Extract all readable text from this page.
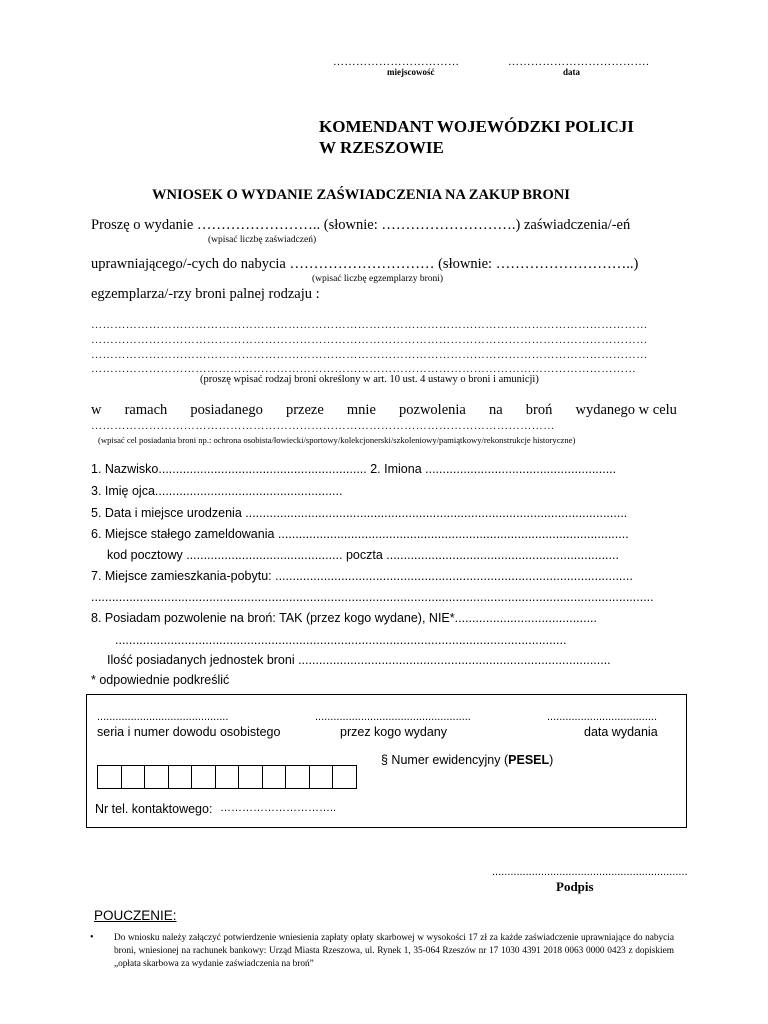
……………………………
miejscowość
……………………………….
data
KOMENDANT WOJEWÓDZKI POLICJI
W RZESZOWIE
WNIOSEK O WYDANIE ZAŚWIADCZENIA NA ZAKUP BRONI
Proszę o wydanie …………………….. (słownie: ……………………….) zaświadczenia/-eń
(wpisać liczbę zaświadczeń)
uprawniającego/-cych do nabycia ………………………… (słownie: ………………………..)
(wpisać liczbę egzemplarzy broni)
egzemplarza/-rzy broni palnej rodzaju :
………………………………………………………………………………………………………………………………
………………………………………………………………………………………………………………………………
………………………………………………………………………………………………………………………………
……………………………………………………………………………………………………………………………
(proszę wpisać rodzaj broni określony w art. 10 ust. 4 ustawy o broni i amunicji)
w ramach posiadanego przeze mnie pozwolenia na broń wydanego w celu
…………………………………………………………………………………………………………
(wpisać cel posiadania broni np.: ochrona osobista/łowiecki/sportowy/kolekcjonerski/szkoleniowy/pamiątkowy/rekonstrukcje historyczne)
1. Nazwisko............................................................ 2. Imiona .......................................................
3. Imię ojca......................................................
5. Data i miejsce urodzenia ..............................................................................................................
6. Miejsce stałego zameldowania .....................................................................................................
kod pocztowy ............................................. poczta ...................................................................
7. Miejsce zamieszkania-pobytu: .......................................................................................................
..................................................................................................................................................................
8. Posiadam pozwolenie na broń: TAK (przez kogo wydane), NIE*.........................................
..................................................................................................................................
Ilość posiadanych jednostek broni ..........................................................................................
* odpowiednie podkreślić
...........................................	...................................................	....................................
seria i numer dowodu osobistego	przez kogo wydany	data wydania
§ Numer ewidencyjny (PESEL)
Nr tel. kontaktowego: …………………………..
................................................................
Podpis
POUCZENIE:
• Do wniosku należy załączyć potwierdzenie wniesienia zapłaty opłaty skarbowej w wysokości 17 zł za każde zaświadczenie uprawniające do nabycia broni, wniesionej na rachunek bankowy: Urząd Miasta Rzeszowa, ul. Rynek 1, 35-064 Rzeszów nr 17 1030 4391 2018 0063 0000 0423 z dopiskiem „opłata skarbowa za wydanie zaświadczenia na broń”
